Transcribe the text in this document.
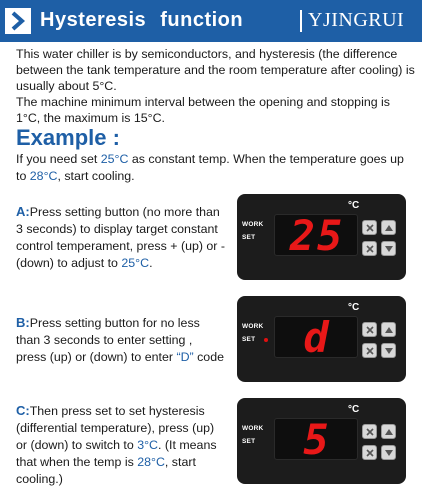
Hysteresis function	YJINGRUI

This water chiller is by semiconductors, and hysteresis (the difference between the tank temperature and the room temperature after cooling) is usually about 5°C.

The machine minimum interval between the opening and stopping is 1°C, the maximum is 15°C.

Example :
If you need set 25°C as constant temp. When the temperature goes up to 28°C, start cooling.
A:Press setting button (no more than 3 seconds) to display target constant control temperament, press + (up) or - (down) to adjust to 25°C.
°C
WORK
SET 25
B:Press setting button for no less than 3 seconds to enter setting , press (up) or (down) to enter “D” code
°C
WORK
SET	d
C:Then press set to set hysteresis (differential temperature), press (up) or (down) to switch to 3°C. (It means that when the temp is 28°C, start cooling.)
°C
WORK
SET	5
